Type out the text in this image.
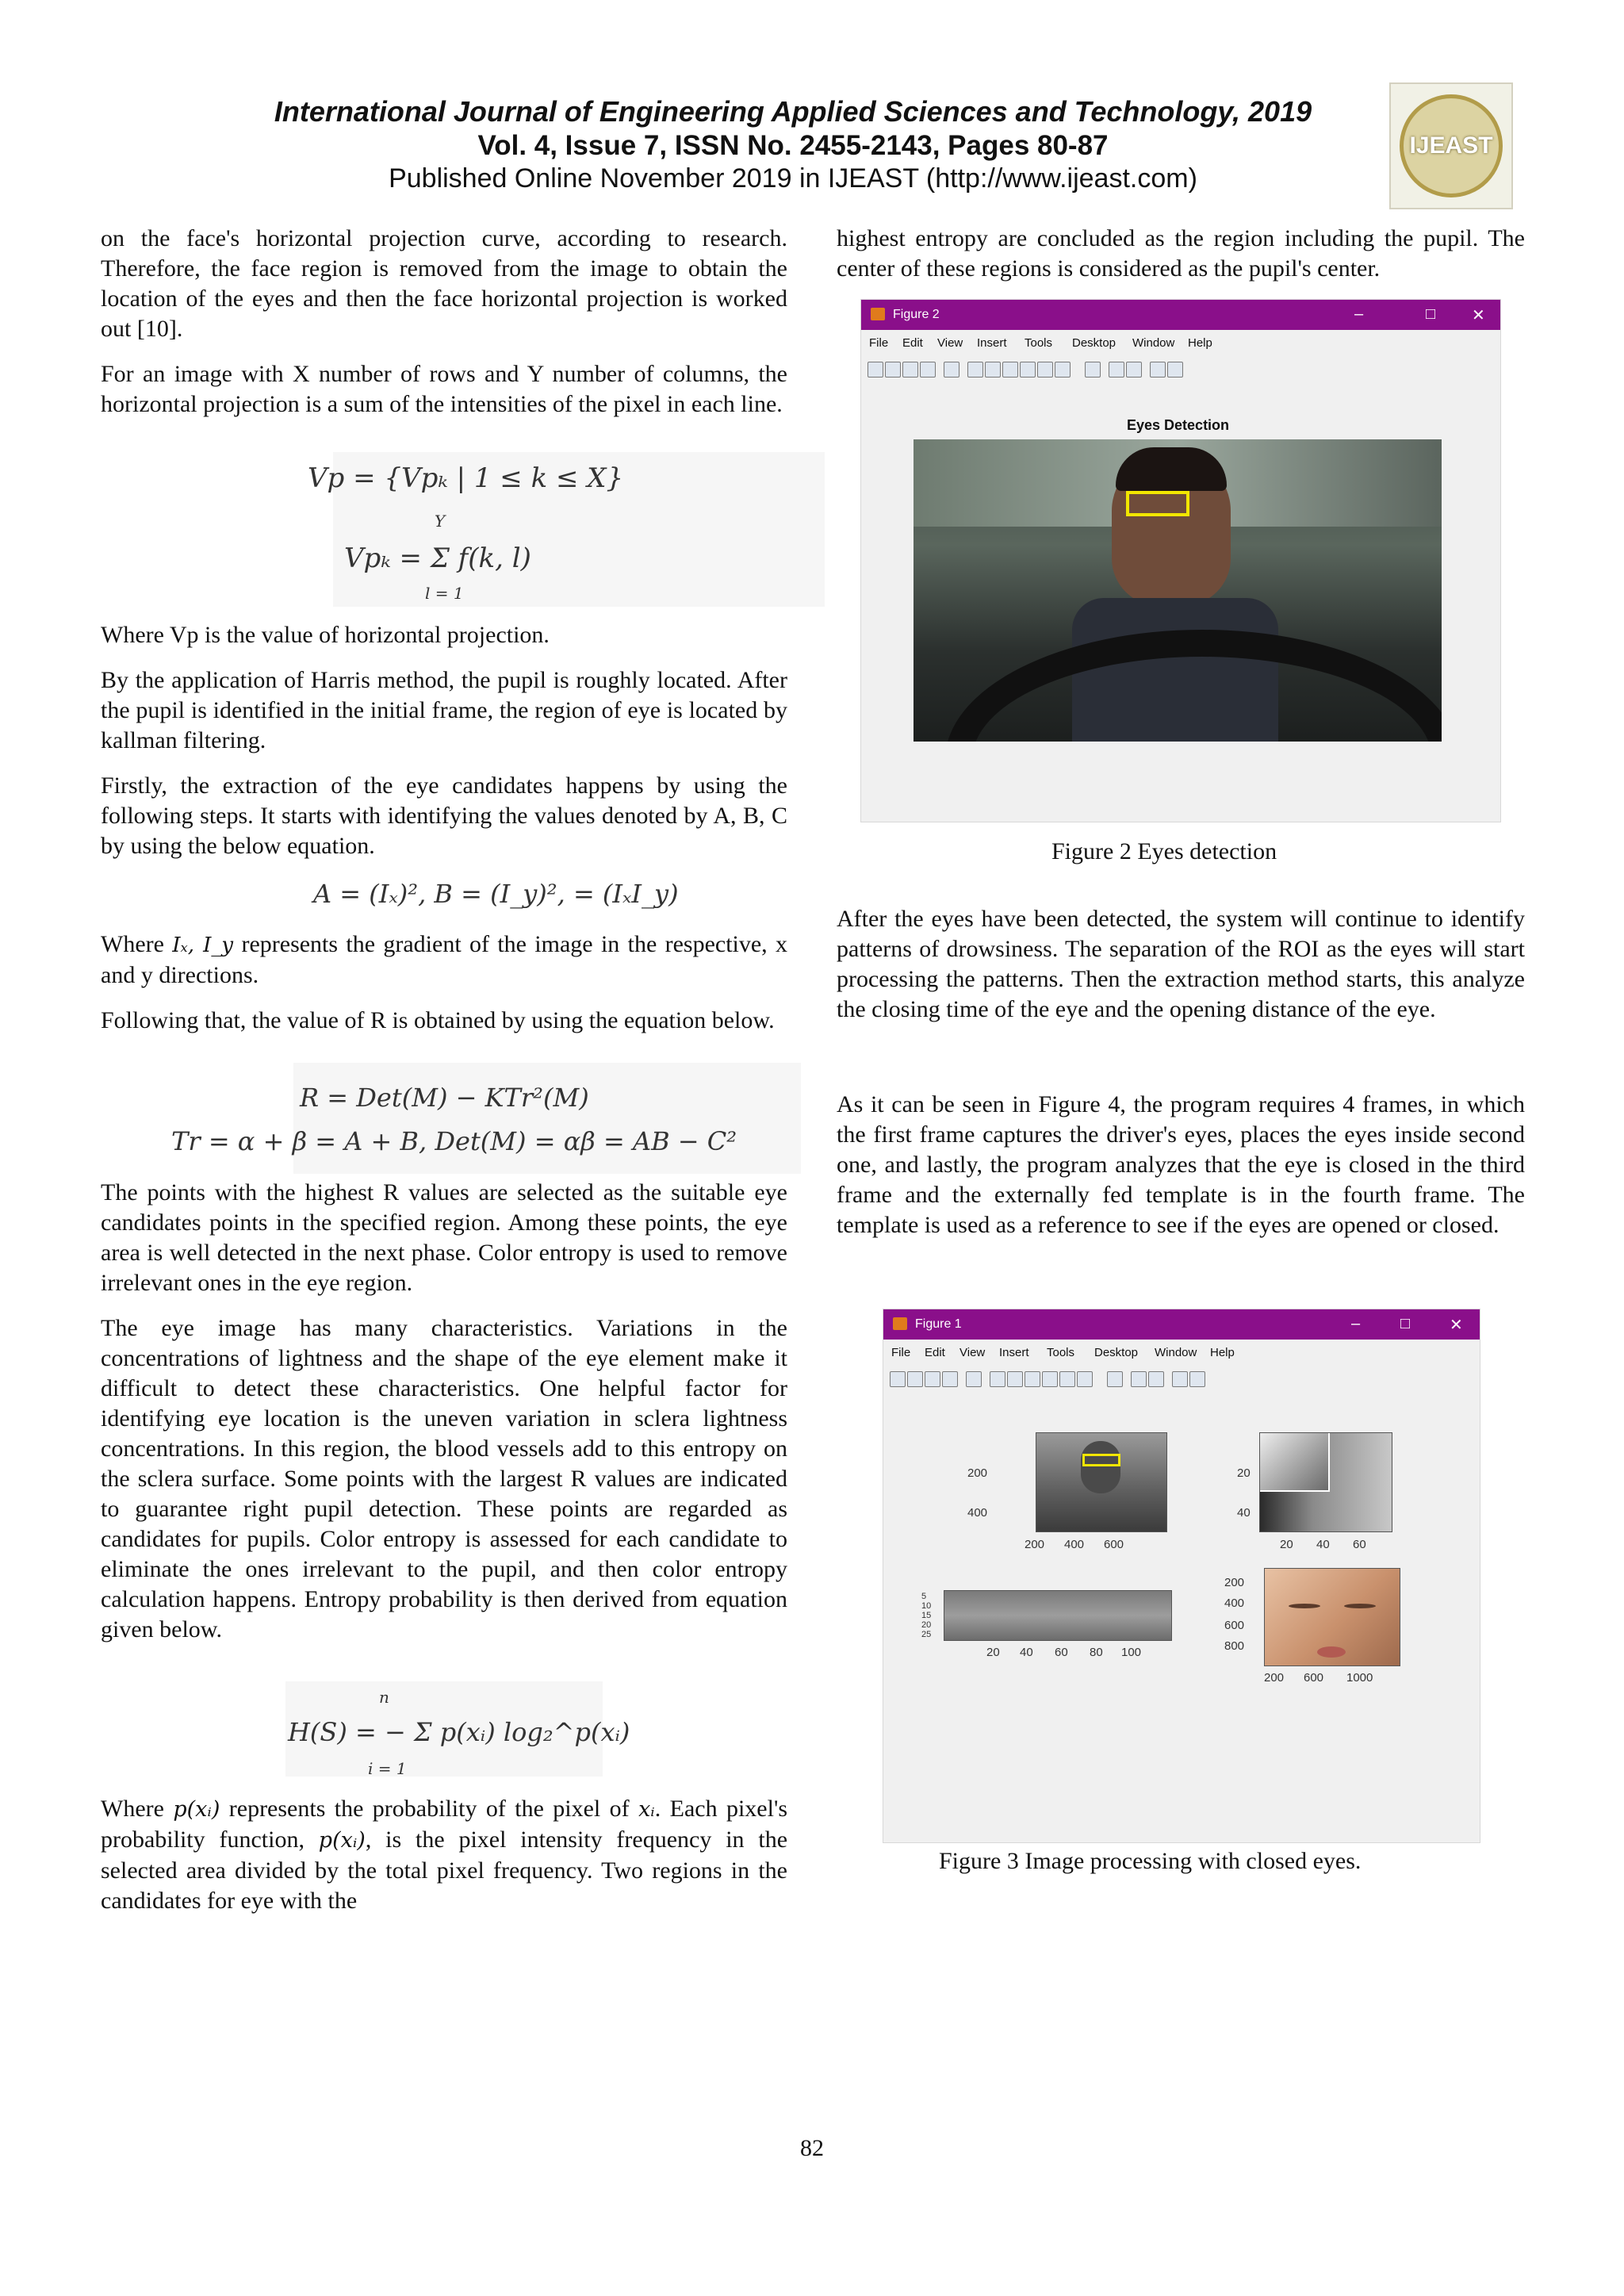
International Journal of Engineering Applied Sciences and Technology, 2019
Vol. 4, Issue 7, ISSN No. 2455-2143, Pages 80-87
Published Online November 2019 in IJEAST (http://www.ijeast.com)
IJEAST

on the face's horizontal projection curve, according to research. Therefore, the face region is removed from the image to obtain the location of the eyes and then the face horizontal projection is worked out [10].

For an image with X number of rows and Y number of columns, the horizontal projection is a sum of the intensities of the pixel in each line.

Vp = {Vpₖ | 1 ≤ k ≤ X}
Vpₖ = Σ f(k, l)
Y
l = 1

Where Vp is the value of horizontal projection.

By the application of Harris method, the pupil is roughly located. After the pupil is identified in the initial frame, the region of eye is located by kallman filtering.

Firstly, the extraction of the eye candidates happens by using the following steps. It starts with identifying the values denoted by A, B, C by using the below equation.

A = (Iₓ)², B = (I_y)², = (IₓI_y)

Where Iₓ, I_y represents the gradient of the image in the respective, x and y directions.

Following that, the value of R is obtained by using the equation below.

R = Det(M) − KTr²(M)
Tr = α + β = A + B, Det(M) = αβ = AB − C²

The points with the highest R values are selected as the suitable eye candidates points in the specified region. Among these points, the eye area is well detected in the next phase. Color entropy is used to remove irrelevant ones in the eye region.

The eye image has many characteristics. Variations in the concentrations of lightness and the shape of the eye element make it difficult to detect these characteristics. One helpful factor for identifying eye location is the uneven variation in sclera lightness concentrations. In this region, the blood vessels add to this entropy on the sclera surface. Some points with the largest R values are indicated to guarantee right pupil detection. These points are regarded as candidates for pupils. Color entropy is assessed for each candidate to eliminate the ones irrelevant to the pupil, and then color entropy calculation happens. Entropy probability is then derived from equation given below.

H(S) = − Σ p(xᵢ) log₂^p(xᵢ)
n
i = 1

Where p(xᵢ) represents the probability of the pixel of xᵢ. Each pixel's probability function, p(xᵢ), is the pixel intensity frequency in the selected area divided by the total pixel frequency. Two regions in the candidates for eye with the

highest entropy are concluded as the region including the pupil. The center of these regions is considered as the pupil's center.

Figure 2	–	□ ✕
File Edit View Insert Tools Desktop Window Help
Eyes Detection
Figure 2 Eyes detection

After the eyes have been detected, the system will continue to identify patterns of drowsiness. The separation of the ROI as the eyes will start processing the patterns. Then the extraction method starts, this analyze the closing time of the eye and the opening distance of the eye.

As it can be seen in Figure 4, the program requires 4 frames, in which the first frame captures the driver's eyes, places the eyes inside second one, and lastly, the program analyzes that the eye is closed in the third frame and the externally fed template is in the fourth frame. The template is used as a reference to see if the eyes are opened or closed.

Figure 1	–	□ ✕
File Edit View Insert Tools Desktop Window Help
200
400
200 400 600
20
40
20 40 60
5
10
15
20
25
20 40 60 80 100
200
400
600
800
200 600 1000
Figure 3 Image processing with closed eyes.
82
